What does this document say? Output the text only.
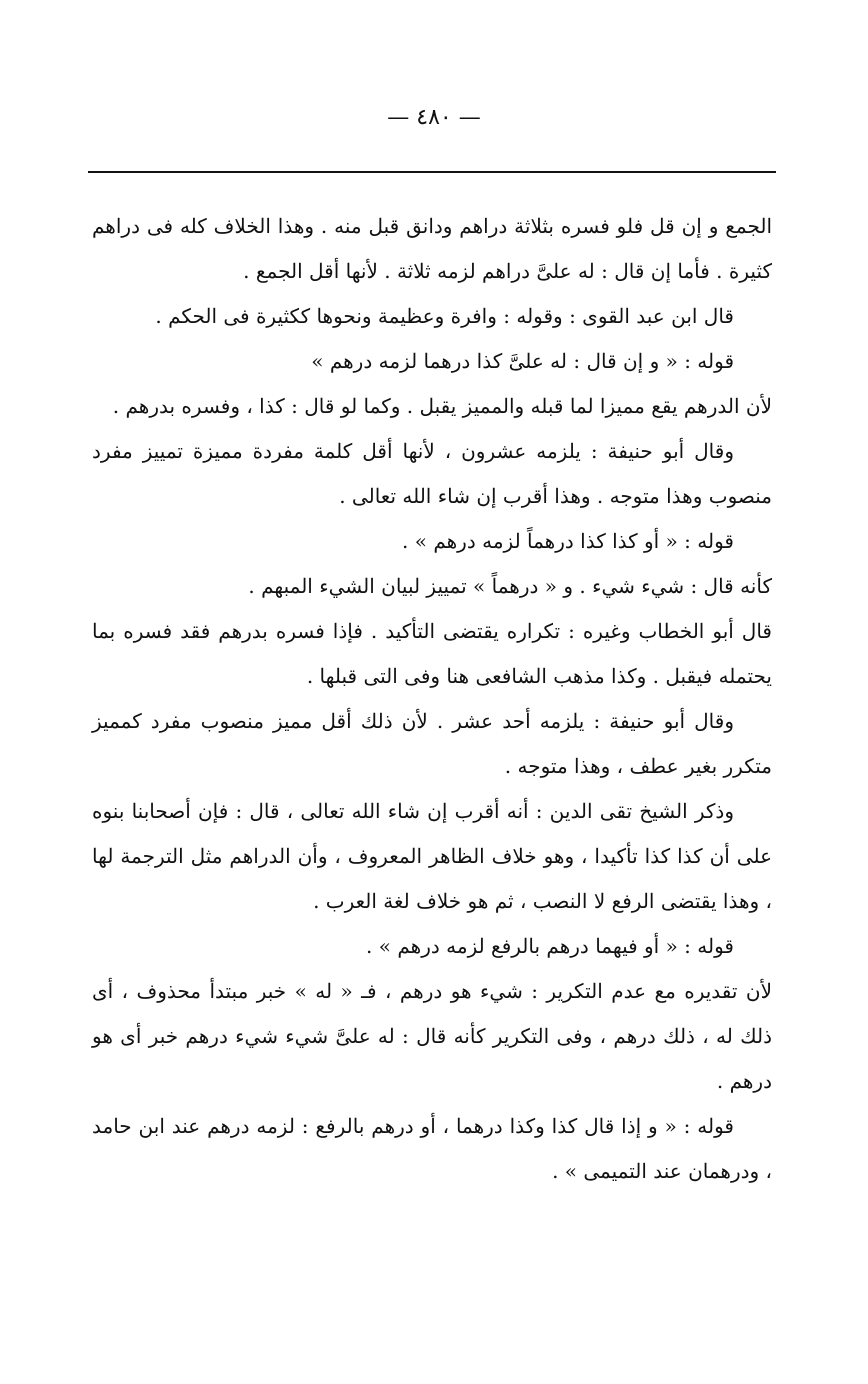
— ٤٨٠ —

الجمع و إن قل فلو فسره بثلاثة دراهم ودانق قبل منه . وهذا الخلاف كله فى دراهم كثيرة . فأما إن قال : له علىَّ دراهم لزمه ثلاثة . لأنها أقل الجمع .

قال ابن عبد القوى : وقوله : وافرة وعظيمة ونحوها ككثيرة فى الحكم .

قوله : « و إن قال : له علىَّ كذا درهما لزمه درهم »

لأن الدرهم يقع مميزا لما قبله والمميز يقبل . وكما لو قال : كذا ، وفسره بدرهم .

وقال أبو حنيفة : يلزمه عشرون ، لأنها أقل كلمة مفردة مميزة تمييز مفرد منصوب وهذا متوجه . وهذا أقرب إن شاء الله تعالى .

قوله : « أو كذا كذا درهماً لزمه درهم » .

كأنه قال : شيء شيء . و « درهماً » تمييز لبيان الشيء المبهم .

قال أبو الخطاب وغيره : تكراره يقتضى التأكيد . فإذا فسره بدرهم فقد فسره بما يحتمله فيقبل . وكذا مذهب الشافعى هنا وفى التى قبلها .

وقال أبو حنيفة : يلزمه أحد عشر . لأن ذلك أقل مميز منصوب مفرد كمميز متكرر بغير عطف ، وهذا متوجه .

وذكر الشيخ تقى الدين : أنه أقرب إن شاء الله تعالى ، قال : فإن أصحابنا بنوه على أن كذا كذا تأكيدا ، وهو خلاف الظاهر المعروف ، وأن الدراهم مثل الترجمة لها ، وهذا يقتضى الرفع لا النصب ، ثم هو خلاف لغة العرب .

قوله : « أو فيهما درهم بالرفع لزمه درهم » .

لأن تقديره مع عدم التكرير : شيء هو درهم ، فـ « له » خبر مبتدأ محذوف ، أى ذلك له ، ذلك درهم ، وفى التكرير كأنه قال : له علىَّ شيء شيء درهم خبر أى هو درهم .

قوله : « و إذا قال كذا وكذا درهما ، أو درهم بالرفع : لزمه درهم عند ابن حامد ، ودرهمان عند التميمى » .
